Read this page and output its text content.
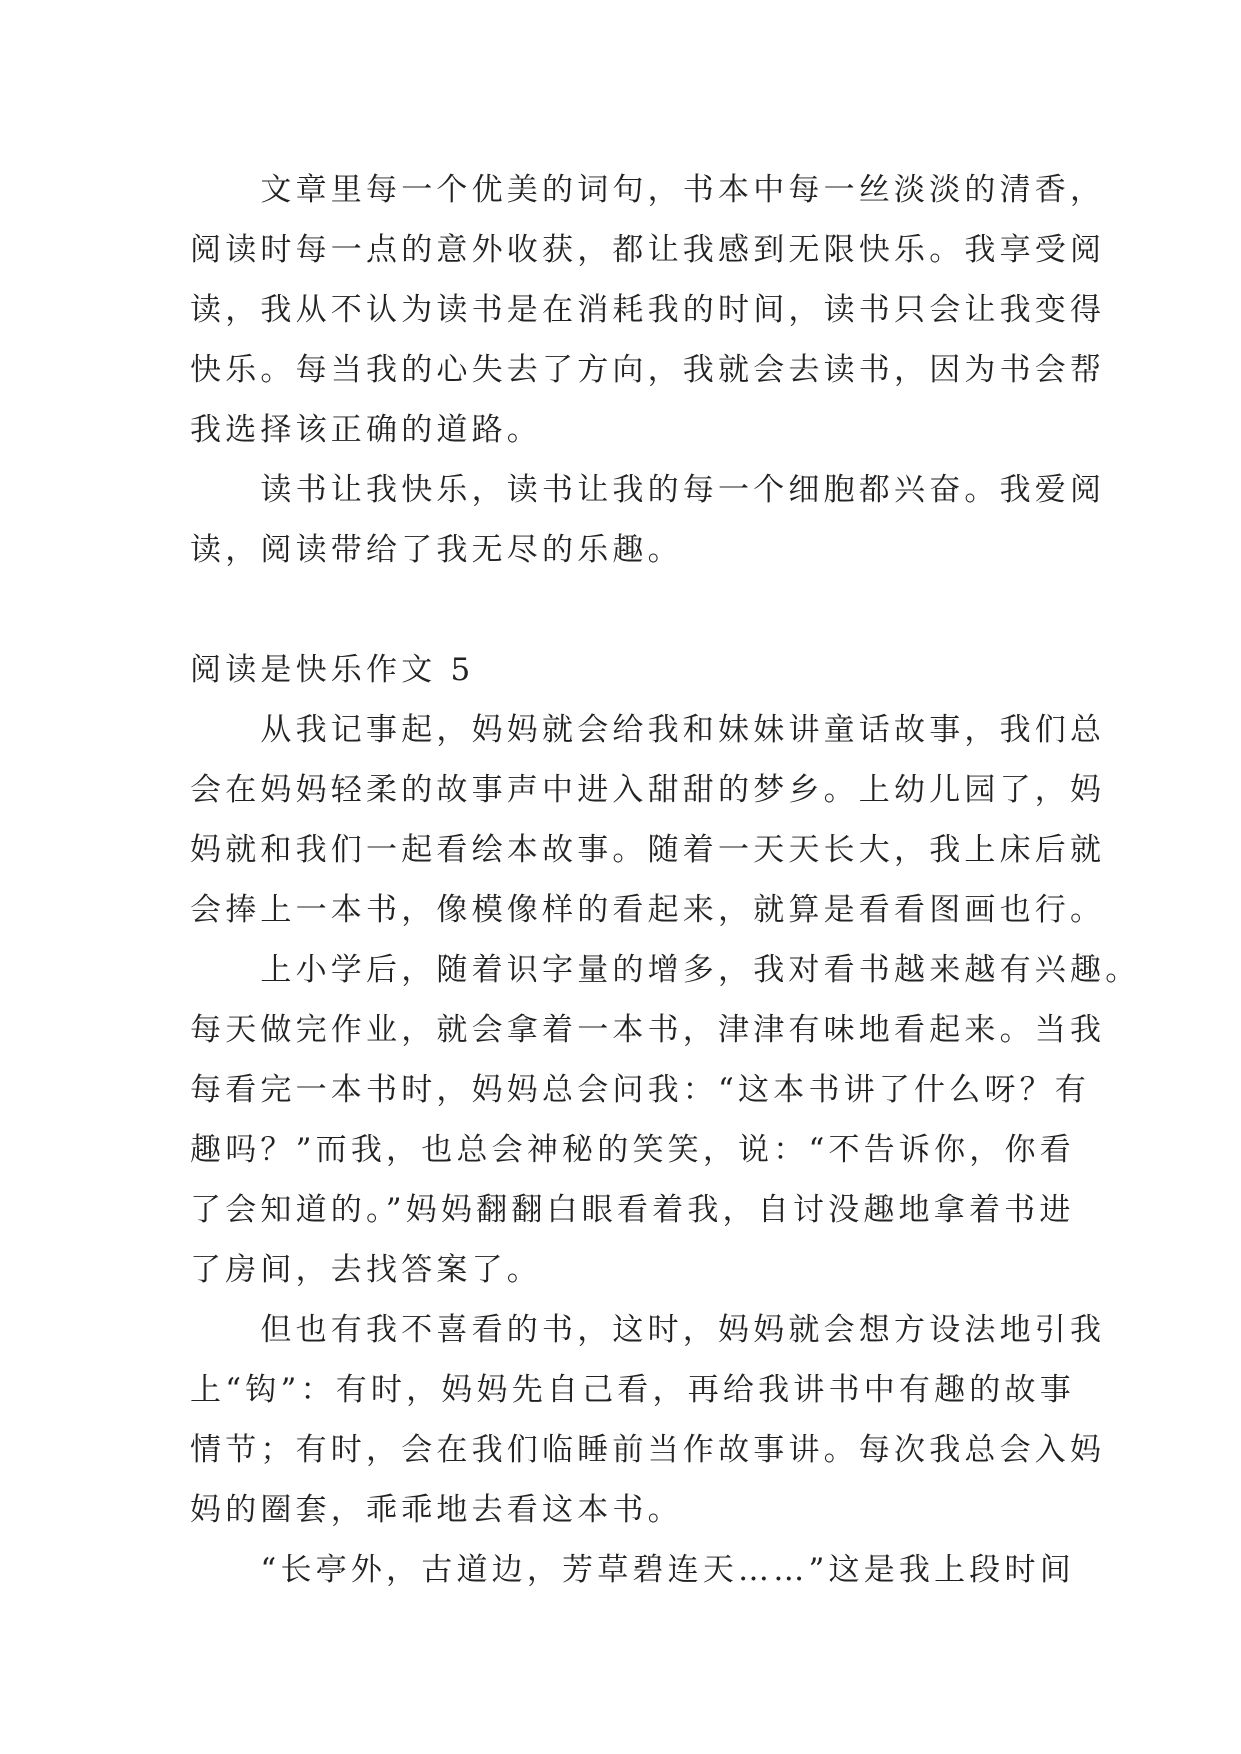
　　文章里每一个优美的词句，书本中每一丝淡淡的清香，
阅读时每一点的意外收获，都让我感到无限快乐。我享受阅
读，我从不认为读书是在消耗我的时间，读书只会让我变得
快乐。每当我的心失去了方向，我就会去读书，因为书会帮
我选择该正确的道路。
　　读书让我快乐，读书让我的每一个细胞都兴奋。我爱阅
读，阅读带给了我无尽的乐趣。
阅读是快乐作文 5
　　从我记事起，妈妈就会给我和妹妹讲童话故事，我们总
会在妈妈轻柔的故事声中进入甜甜的梦乡。上幼儿园了，妈
妈就和我们一起看绘本故事。随着一天天长大，我上床后就
会捧上一本书，像模像样的看起来，就算是看看图画也行。
　　上小学后，随着识字量的增多，我对看书越来越有兴趣。
每天做完作业，就会拿着一本书，津津有味地看起来。当我
每看完一本书时，妈妈总会问我：“这本书讲了什么呀？有
趣吗？”而我，也总会神秘的笑笑，说：“不告诉你，你看
了会知道的。”妈妈翻翻白眼看着我，自讨没趣地拿着书进
了房间，去找答案了。
　　但也有我不喜看的书，这时，妈妈就会想方设法地引我
上“钩”：有时，妈妈先自己看，再给我讲书中有趣的故事
情节；有时，会在我们临睡前当作故事讲。每次我总会入妈
妈的圈套，乖乖地去看这本书。
　　“长亭外，古道边，芳草碧连天……”这是我上段时间
